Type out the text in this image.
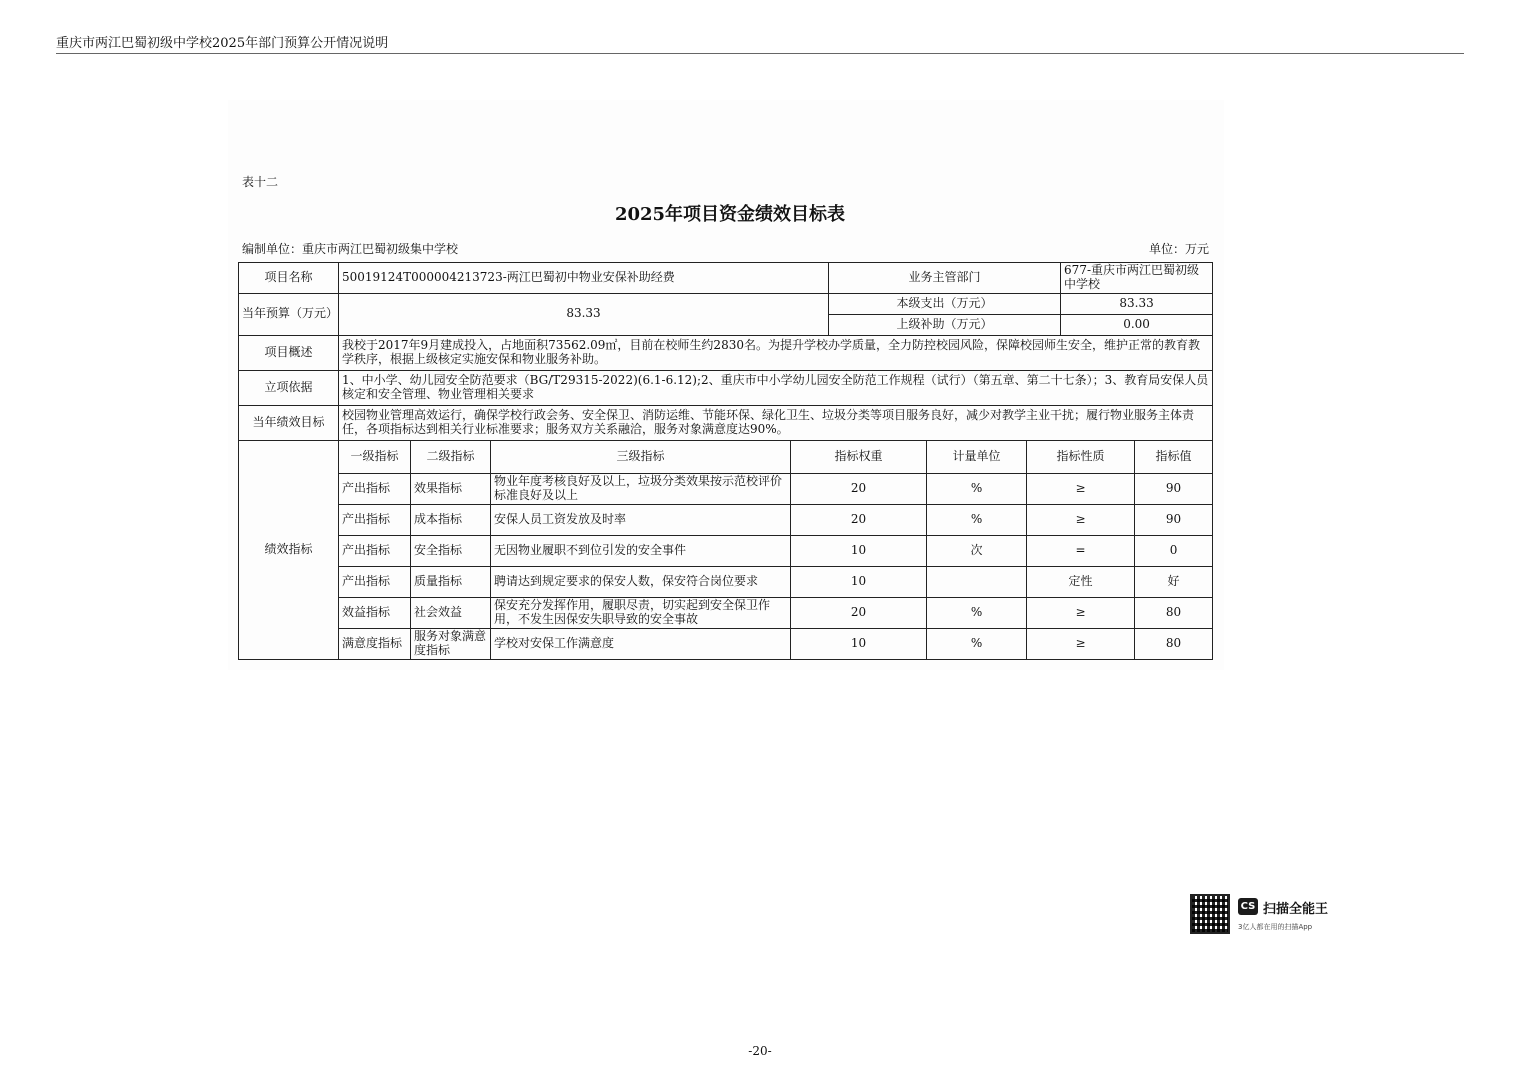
重庆市两江巴蜀初级中学校2025年部门预算公开情况说明
表十二
2025年项目资金绩效目标表
编制单位：重庆市两江巴蜀初级集中学校	单位：万元
项目名称	50019124T000004213723-两江巴蜀初中物业安保补助经费				业务主管部门			677-重庆市两江巴蜀初级中学校	
当年预算（万元）	83.33				本级支出（万元）			83.33	
					上级补助（万元）			0.00	
项目概述	我校于2017年9月建成投入，占地面积73562.09㎡，目前在校师生约2830名。为提升学校办学质量，全力防控校园风险，保障校园师生安全，维护正常的教育教学秩序，根据上级核定实施安保和物业服务补助。								
立项依据	1、中小学、幼儿园安全防范要求（BG/T29315-2022)(6.1-6.12);2、重庆市中小学幼儿园安全防范工作规程（试行）（第五章、第二十七条）；3、教育局安保人员核定和安全管理、物业管理相关要求								
当年绩效目标	校园物业管理高效运行，确保学校行政会务、安全保卫、消防运维、节能环保、绿化卫生、垃圾分类等项目服务良好，减少对教学主业干扰；履行物业服务主体责任，各项指标达到相关行业标准要求；服务双方关系融洽，服务对象满意度达90%。								
绩效指标	一级指标	二级指标	三级指标	指标权重		计量单位	指标性质		指标值
	产出指标	效果指标	物业年度考核良好及以上，垃圾分类效果按示范校评价标准良好及以上	20		%	≥		90
	产出指标	成本指标	安保人员工资发放及时率	20		%	≥		90
	产出指标	安全指标	无因物业履职不到位引发的安全事件	10		次	=		0
	产出指标	质量指标	聘请达到规定要求的保安人数，保安符合岗位要求	10			定性		好
	效益指标	社会效益	保安充分发挥作用，履职尽责，切实起到安全保卫作用，不发生因保安失职导致的安全事故	20		%	≥		80
	满意度指标	服务对象满意度指标	学校对安保工作满意度	10		%	≥		80
CS 扫描全能王
3亿人都在用的扫描App
-20-
